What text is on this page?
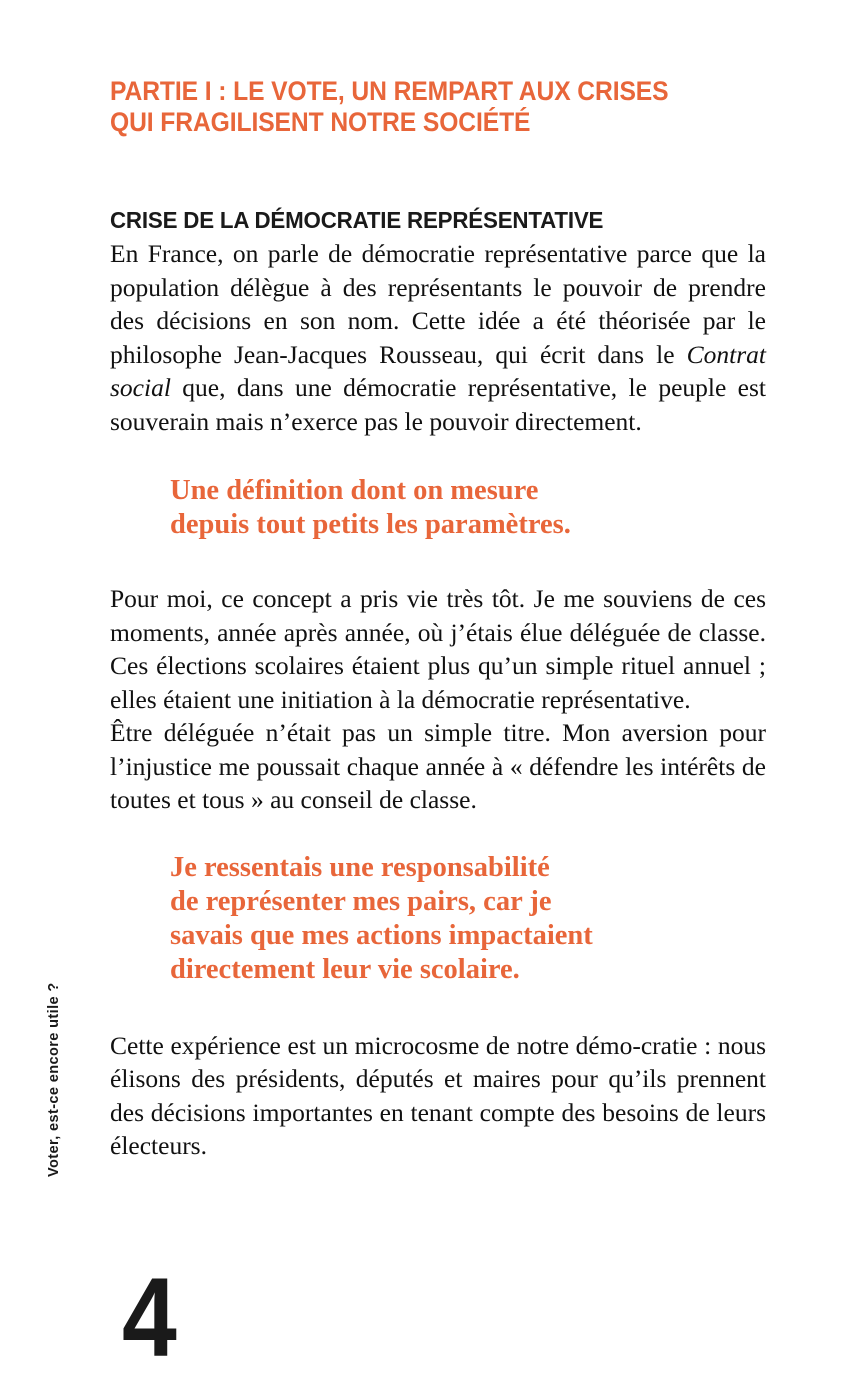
Voter, est-ce encore utile ?
PARTIE I : LE VOTE, UN REMPART AUX CRISES
QUI FRAGILISENT NOTRE SOCIÉTÉ
CRISE DE LA DÉMOCRATIE REPRÉSENTATIVE

En France, on parle de démocratie représentative parce que la population délègue à des représentants le pouvoir de prendre des décisions en son nom. Cette idée a été théorisée par le philosophe Jean-Jacques Rousseau, qui écrit dans le Contrat social que, dans une démocratie représentative, le peuple est souverain mais n’exerce pas le pouvoir directement.

Une définition dont on mesure
depuis tout petits les paramètres.

Pour moi, ce concept a pris vie très tôt. Je me souviens de ces moments, année après année, où j’étais élue déléguée de classe. Ces élections scolaires étaient plus qu’un simple rituel annuel ; elles étaient une initiation à la démocratie représentative.

Être déléguée n’était pas un simple titre. Mon aversion pour l’injustice me poussait chaque année à « défendre les intérêts de toutes et tous » au conseil de classe.

Je ressentais une responsabilité
de représenter mes pairs, car je
savais que mes actions impactaient
directement leur vie scolaire.

Cette expérience est un microcosme de notre démo-cratie : nous élisons des présidents, députés et maires pour qu’ils prennent des décisions importantes en tenant compte des besoins de leurs électeurs.

4
